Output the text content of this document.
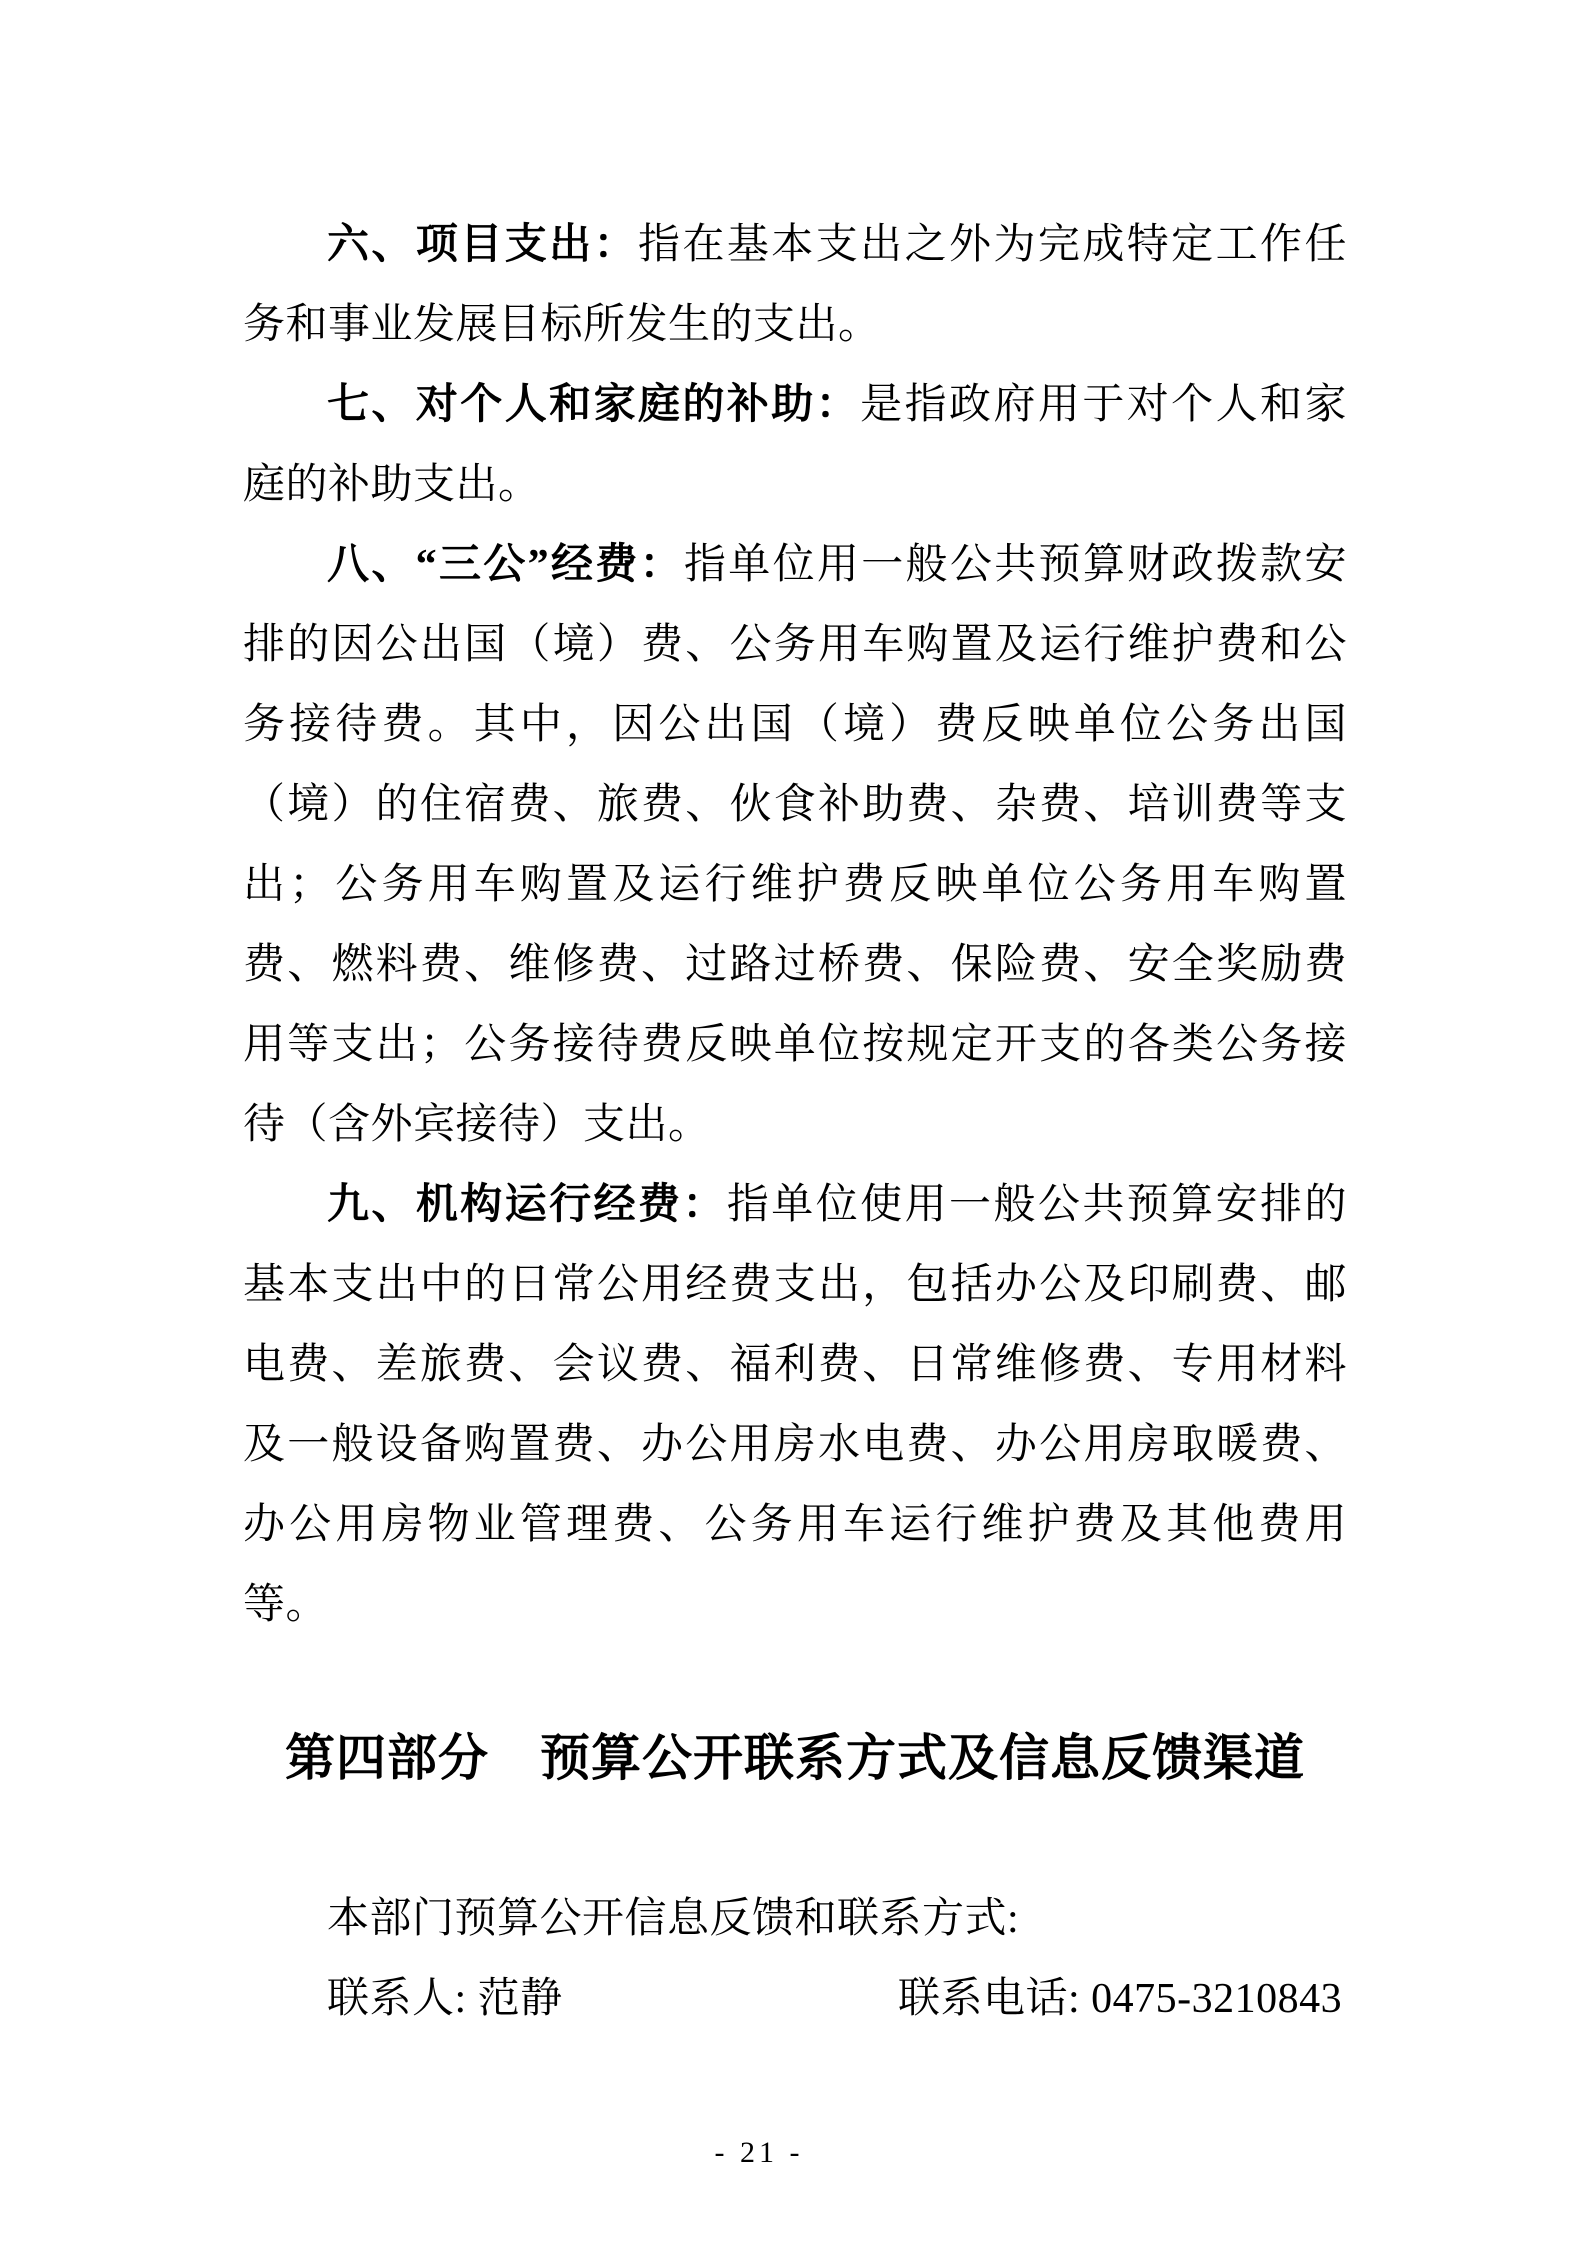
六、项目支出：指在基本支出之外为完成特定工作任务和事业发展目标所发生的支出。

七、对个人和家庭的补助：是指政府用于对个人和家庭的补助支出。

八、“三公”经费：指单位用一般公共预算财政拨款安排的因公出国（境）费、公务用车购置及运行维护费和公务接待费。其中，因公出国（境）费反映单位公务出国（境）的住宿费、旅费、伙食补助费、杂费、培训费等支出；公务用车购置及运行维护费反映单位公务用车购置费、燃料费、维修费、过路过桥费、保险费、安全奖励费用等支出；公务接待费反映单位按规定开支的各类公务接待（含外宾接待）支出。

九、机构运行经费：指单位使用一般公共预算安排的基本支出中的日常公用经费支出，包括办公及印刷费、邮电费、差旅费、会议费、福利费、日常维修费、专用材料及一般设备购置费、办公用房水电费、办公用房取暖费、办公用房物业管理费、公务用车运行维护费及其他费用等。

第四部分　预算公开联系方式及信息反馈渠道

本部门预算公开信息反馈和联系方式:

联系人: 范静	联系电话: 0475-3210843

- 21 -
